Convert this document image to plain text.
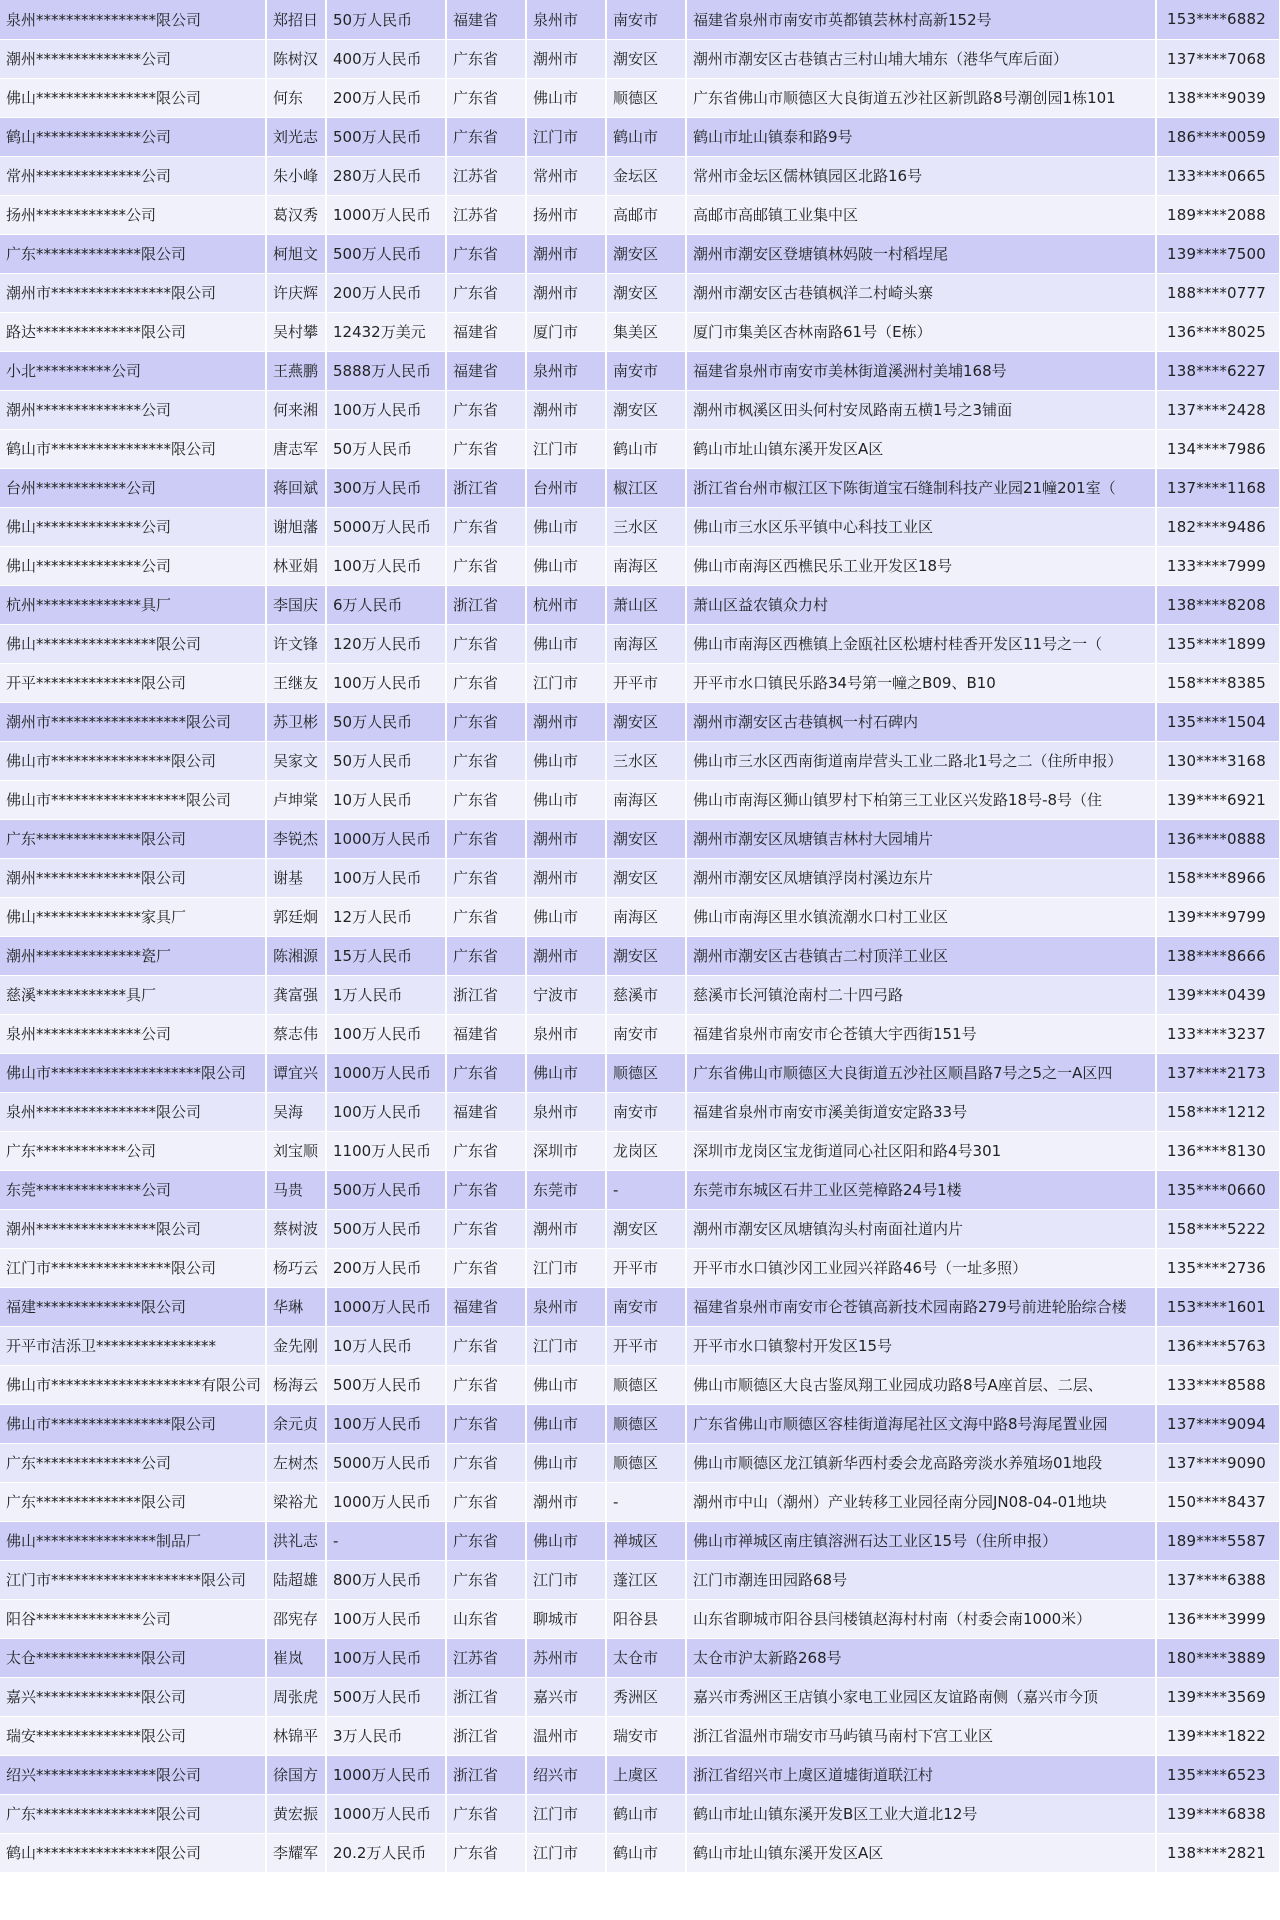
泉州****************限公司	郑招日	50万人民币	福建省	泉州市	南安市	福建省泉州市南安市英都镇芸林村高新152号	153****6882
潮州**************公司	陈树汉	400万人民币	广东省	潮州市	潮安区	潮州市潮安区古巷镇古三村山埔大埔东（港华气库后面）	137****7068
佛山****************限公司	何东	200万人民币	广东省	佛山市	顺德区	广东省佛山市顺德区大良街道五沙社区新凯路8号潮创园1栋101	138****9039
鹤山**************公司	刘光志	500万人民币	广东省	江门市	鹤山市	鹤山市址山镇泰和路9号	186****0059
常州**************公司	朱小峰	280万人民币	江苏省	常州市	金坛区	常州市金坛区儒林镇园区北路16号	133****0665
扬州************公司	葛汉秀	1000万人民币	江苏省	扬州市	高邮市	高邮市高邮镇工业集中区	189****2088
广东**************限公司	柯旭文	500万人民币	广东省	潮州市	潮安区	潮州市潮安区登塘镇林妈陂一村稻埕尾	139****7500
潮州市****************限公司	许庆辉	200万人民币	广东省	潮州市	潮安区	潮州市潮安区古巷镇枫洋二村崎头寨	188****0777
路达**************限公司	吴村攀	12432万美元	福建省	厦门市	集美区	厦门市集美区杏林南路61号（E栋）	136****8025
小北**********公司	王燕鹏	5888万人民币	福建省	泉州市	南安市	福建省泉州市南安市美林街道溪洲村美埔168号	138****6227
潮州**************公司	何来湘	100万人民币	广东省	潮州市	潮安区	潮州市枫溪区田头何村安凤路南五横1号之3铺面	137****2428
鹤山市****************限公司	唐志军	50万人民币	广东省	江门市	鹤山市	鹤山市址山镇东溪开发区A区	134****7986
台州************公司	蒋回斌	300万人民币	浙江省	台州市	椒江区	浙江省台州市椒江区下陈街道宝石缝制科技产业园21幢201室（	137****1168
佛山**************公司	谢旭藩	5000万人民币	广东省	佛山市	三水区	佛山市三水区乐平镇中心科技工业区	182****9486
佛山**************公司	林亚娟	100万人民币	广东省	佛山市	南海区	佛山市南海区西樵民乐工业开发区18号	133****7999
杭州**************具厂	李国庆	6万人民币	浙江省	杭州市	萧山区	萧山区益农镇众力村	138****8208
佛山****************限公司	许文锋	120万人民币	广东省	佛山市	南海区	佛山市南海区西樵镇上金瓯社区松塘村桂香开发区11号之一（	135****1899
开平**************限公司	王继友	100万人民币	广东省	江门市	开平市	开平市水口镇民乐路34号第一幢之B09、B10	158****8385
潮州市******************限公司	苏卫彬	50万人民币	广东省	潮州市	潮安区	潮州市潮安区古巷镇枫一村石碑内	135****1504
佛山市****************限公司	吴家文	50万人民币	广东省	佛山市	三水区	佛山市三水区西南街道南岸营头工业二路北1号之二（住所申报）	130****3168
佛山市******************限公司	卢坤棠	10万人民币	广东省	佛山市	南海区	佛山市南海区狮山镇罗村下柏第三工业区兴发路18号-8号（住	139****6921
广东**************限公司	李锐杰	1000万人民币	广东省	潮州市	潮安区	潮州市潮安区凤塘镇吉林村大园埔片	136****0888
潮州**************限公司	谢基	100万人民币	广东省	潮州市	潮安区	潮州市潮安区凤塘镇浮岗村溪边东片	158****8966
佛山**************家具厂	郭廷炯	12万人民币	广东省	佛山市	南海区	佛山市南海区里水镇流潮水口村工业区	139****9799
潮州**************瓷厂	陈湘源	15万人民币	广东省	潮州市	潮安区	潮州市潮安区古巷镇古二村顶洋工业区	138****8666
慈溪************具厂	龚富强	1万人民币	浙江省	宁波市	慈溪市	慈溪市长河镇沧南村二十四弓路	139****0439
泉州**************公司	蔡志伟	100万人民币	福建省	泉州市	南安市	福建省泉州市南安市仑苍镇大宇西街151号	133****3237
佛山市********************限公司	谭宜兴	1000万人民币	广东省	佛山市	顺德区	广东省佛山市顺德区大良街道五沙社区顺昌路7号之5之一A区四	137****2173
泉州****************限公司	吴海	100万人民币	福建省	泉州市	南安市	福建省泉州市南安市溪美街道安定路33号	158****1212
广东************公司	刘宝顺	1100万人民币	广东省	深圳市	龙岗区	深圳市龙岗区宝龙街道同心社区阳和路4号301	136****8130
东莞**************公司	马贵	500万人民币	广东省	东莞市	-	东莞市东城区石井工业区莞樟路24号1楼	135****0660
潮州****************限公司	蔡树波	500万人民币	广东省	潮州市	潮安区	潮州市潮安区凤塘镇沟头村南面社道内片	158****5222
江门市****************限公司	杨巧云	200万人民币	广东省	江门市	开平市	开平市水口镇沙冈工业园兴祥路46号（一址多照）	135****2736
福建**************限公司	华琳	1000万人民币	福建省	泉州市	南安市	福建省泉州市南安市仑苍镇高新技术园南路279号前进轮胎综合楼	153****1601
开平市洁泺卫****************	金先刚	10万人民币	广东省	江门市	开平市	开平市水口镇黎村开发区15号	136****5763
佛山市********************有限公司	杨海云	500万人民币	广东省	佛山市	顺德区	佛山市顺德区大良古鉴凤翔工业园成功路8号A座首层、二层、	133****8588
佛山市****************限公司	余元贞	100万人民币	广东省	佛山市	顺德区	广东省佛山市顺德区容桂街道海尾社区文海中路8号海尾置业园	137****9094
广东**************公司	左树杰	5000万人民币	广东省	佛山市	顺德区	佛山市顺德区龙江镇新华西村委会龙高路旁淡水养殖场01地段	137****9090
广东**************限公司	梁裕尤	1000万人民币	广东省	潮州市	-	潮州市中山（潮州）产业转移工业园径南分园JN08-04-01地块	150****8437
佛山****************制品厂	洪礼志	-	广东省	佛山市	禅城区	佛山市禅城区南庄镇溶洲石达工业区15号（住所申报）	189****5587
江门市********************限公司	陆超雄	800万人民币	广东省	江门市	蓬江区	江门市潮连田园路68号	137****6388
阳谷**************公司	邵宪存	100万人民币	山东省	聊城市	阳谷县	山东省聊城市阳谷县闫楼镇赵海村村南（村委会南1000米）	136****3999
太仓**************限公司	崔岚	100万人民币	江苏省	苏州市	太仓市	太仓市沪太新路268号	180****3889
嘉兴**************限公司	周张虎	500万人民币	浙江省	嘉兴市	秀洲区	嘉兴市秀洲区王店镇小家电工业园区友谊路南侧（嘉兴市今顶	139****3569
瑞安**************限公司	林锦平	3万人民币	浙江省	温州市	瑞安市	浙江省温州市瑞安市马屿镇马南村下宫工业区	139****1822
绍兴****************限公司	徐国方	1000万人民币	浙江省	绍兴市	上虞区	浙江省绍兴市上虞区道墟街道联江村	135****6523
广东****************限公司	黄宏振	1000万人民币	广东省	江门市	鹤山市	鹤山市址山镇东溪开发B区工业大道北12号	139****6838
鹤山****************限公司	李耀军	20.2万人民币	广东省	江门市	鹤山市	鹤山市址山镇东溪开发区A区	138****2821
